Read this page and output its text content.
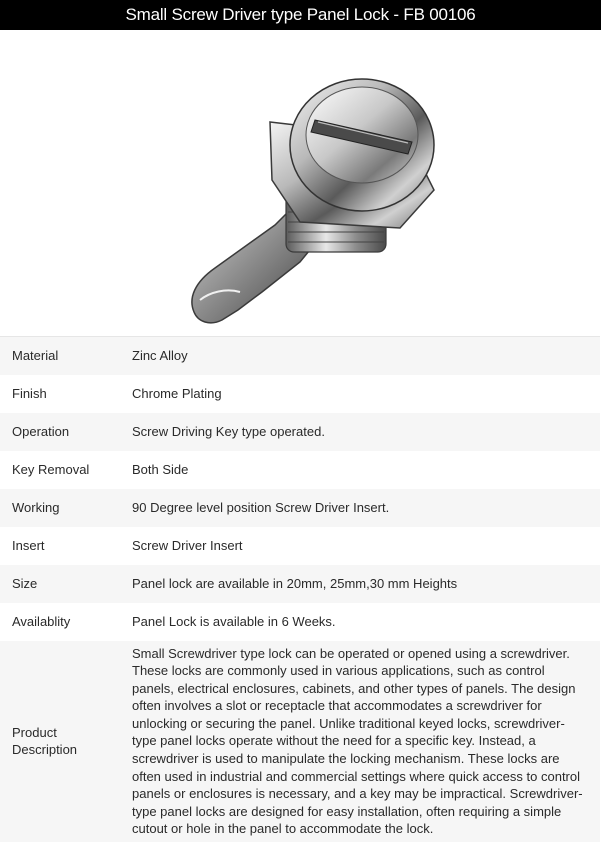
Small Screw Driver type Panel Lock - FB 00106
Material	Zinc Alloy
Finish	Chrome Plating
Operation	Screw Driving Key type operated.
Key Removal	Both Side
Working	90 Degree level position Screw Driver Insert.
Insert	Screw Driver Insert
Size	Panel lock are available in 20mm, 25mm,30 mm Heights
Availablity	Panel Lock is available in 6 Weeks.
Product Description	Small Screwdriver type lock can be operated or opened using a screwdriver. These locks are commonly used in various applications, such as control panels, electrical enclosures, cabinets, and other types of panels. The design often involves a slot or receptacle that accommodates a screwdriver for unlocking or securing the panel. Unlike traditional keyed locks, screwdriver-type panel locks operate without the need for a specific key. Instead, a screwdriver is used to manipulate the locking mechanism. These locks are often used in industrial and commercial settings where quick access to control panels or enclosures is necessary, and a key may be impractical. Screwdriver-type panel locks are designed for easy installation, often requiring a simple cutout or hole in the panel to accommodate the lock.
